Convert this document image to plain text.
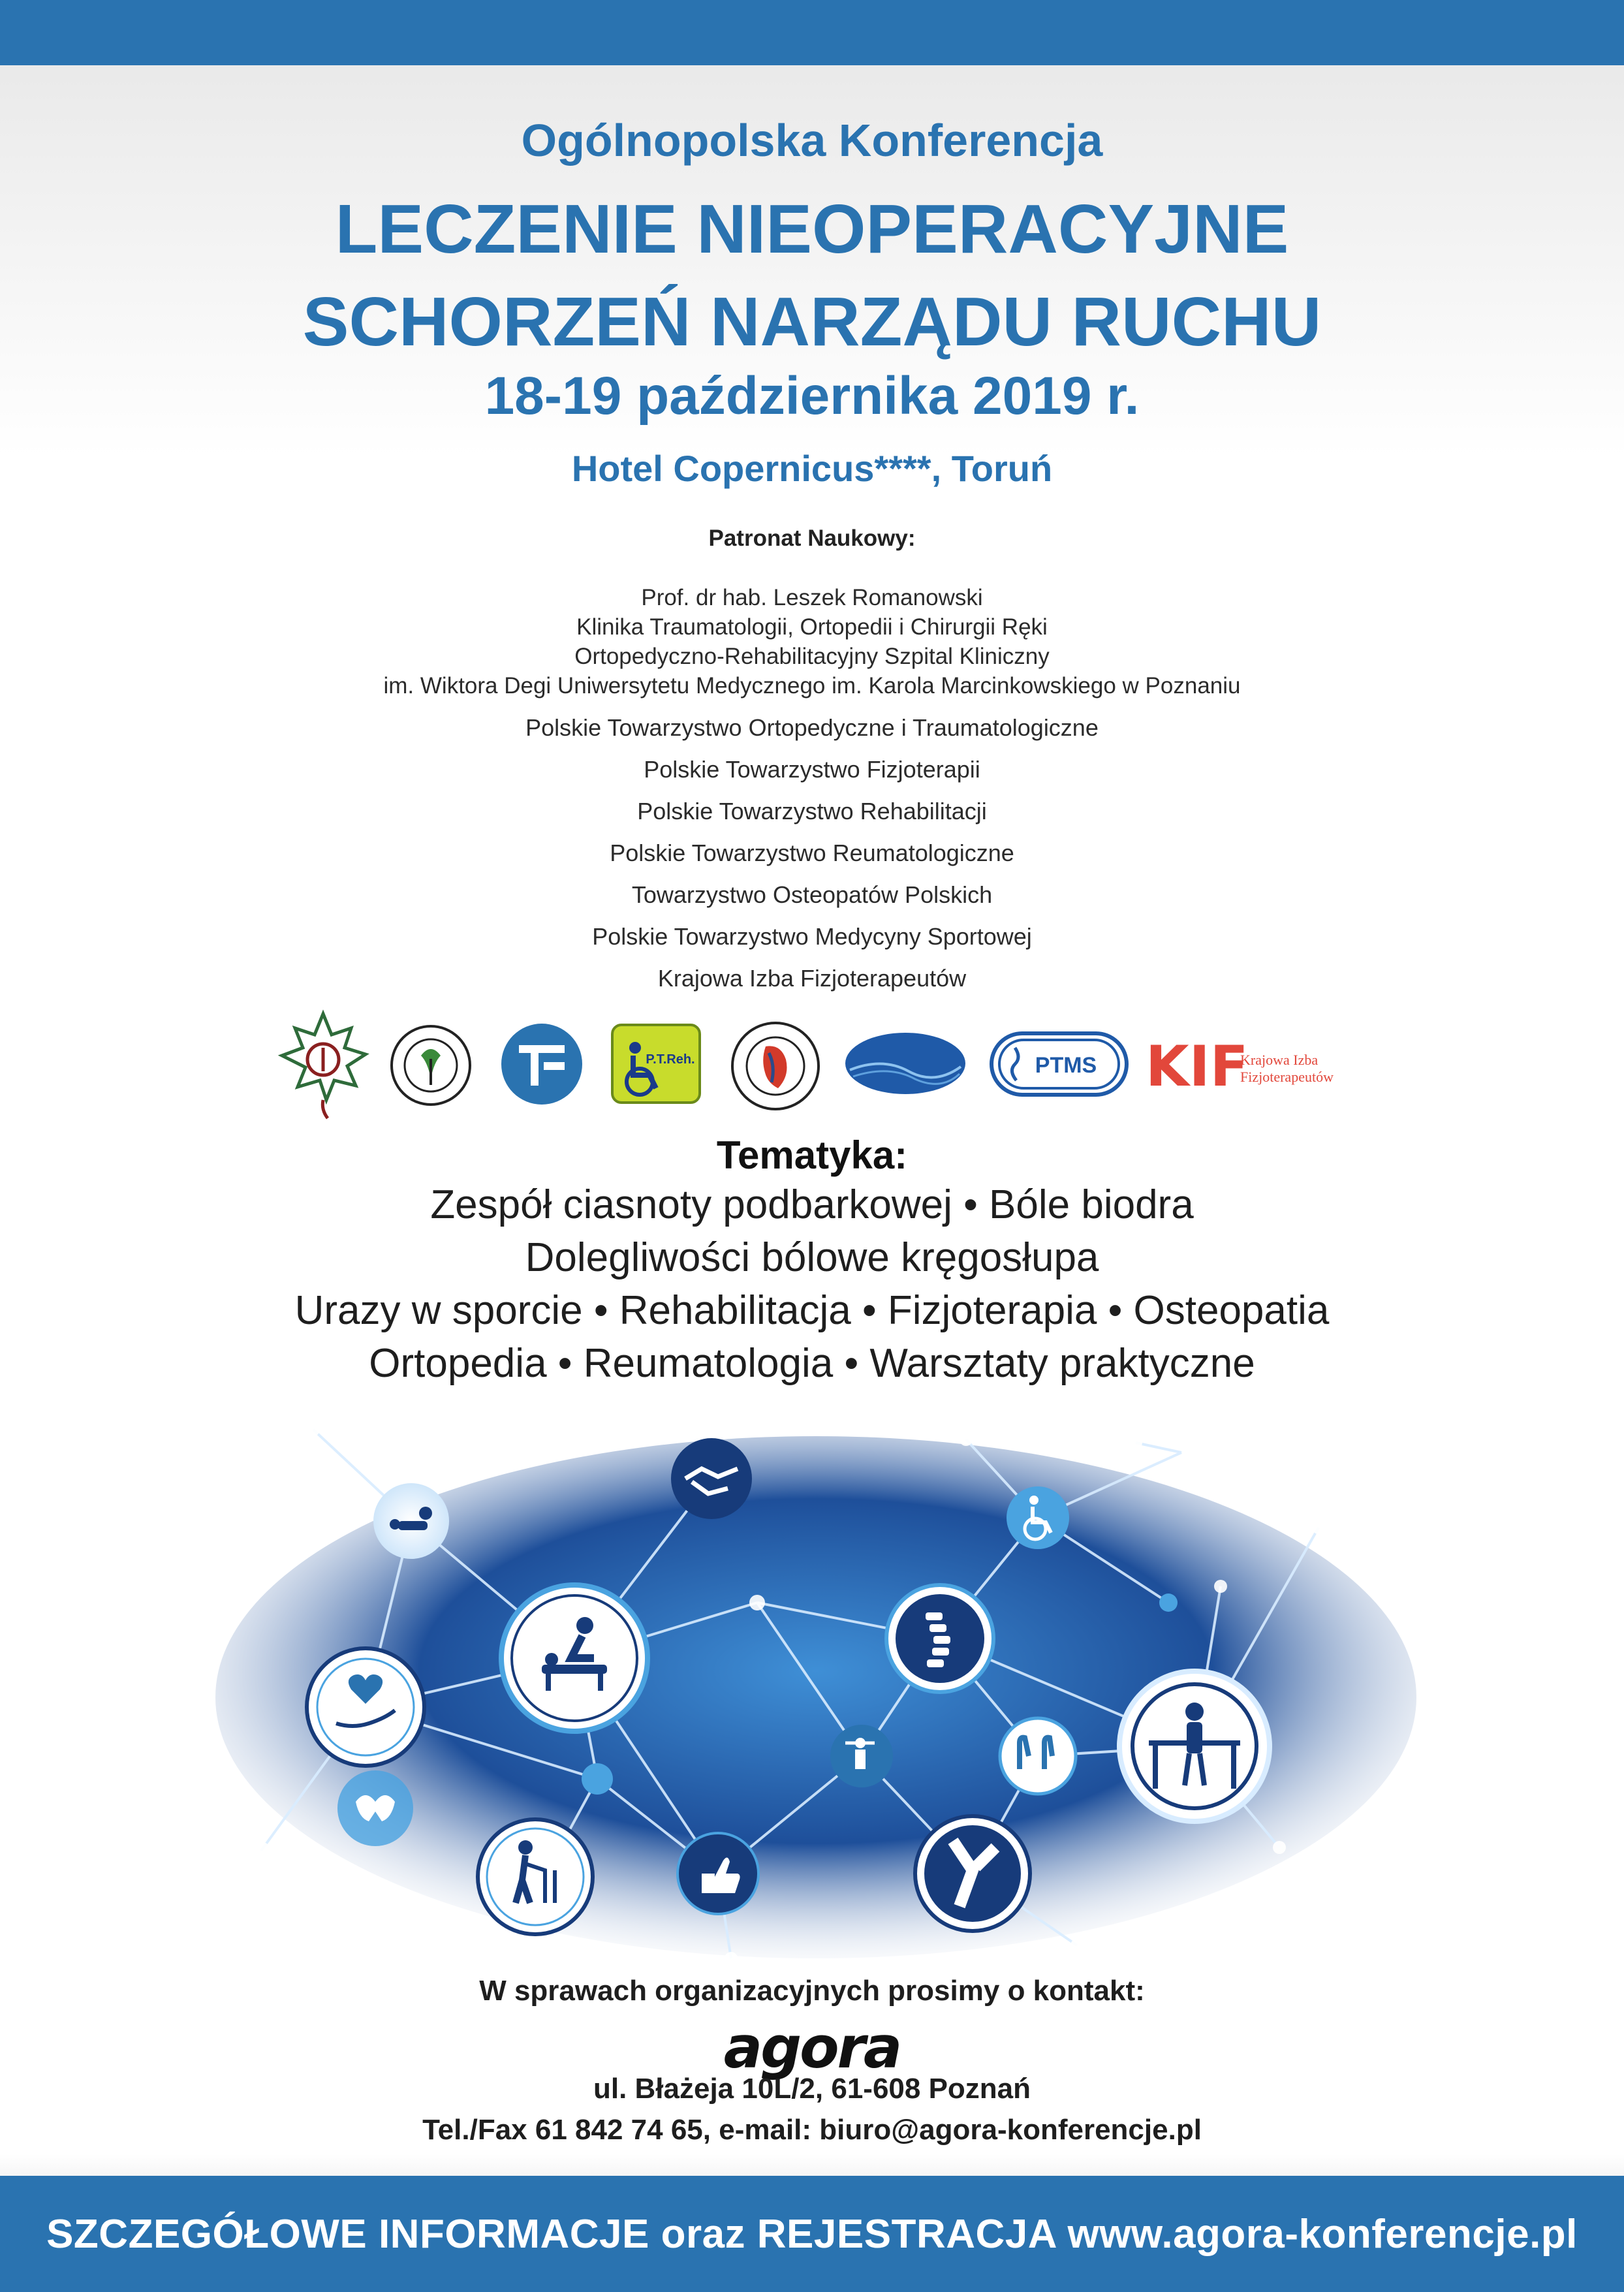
Ogólnopolska Konferencja
LECZENIE NIEOPERACYJNE
SCHORZEŃ NARZĄDU RUCHU
18-19 października 2019 r.
Hotel Copernicus****, Toruń
Patronat Naukowy:
Prof. dr hab. Leszek Romanowski
Klinika Traumatologii, Ortopedii i Chirurgii Ręki
Ortopedyczno-Rehabilitacyjny Szpital Kliniczny
im. Wiktora Degi Uniwersytetu Medycznego im. Karola Marcinkowskiego w Poznaniu
Polskie Towarzystwo Ortopedyczne i Traumatologiczne
Polskie Towarzystwo Fizjoterapii
Polskie Towarzystwo Rehabilitacji
Polskie Towarzystwo Reumatologiczne
Towarzystwo Osteopatów Polskich
Polskie Towarzystwo Medycyny Sportowej
Krajowa Izba Fizjoterapeutów
P.T.Reh.	PTMS KIF
Krajowa Izba
Fizjoterapeutów
Tematyka:
Zespół ciasnoty podbarkowej • Bóle biodra
Dolegliwości bólowe kręgosłupa
Urazy w sporcie • Rehabilitacja • Fizjoterapia • Osteopatia
Ortopedia • Reumatologia • Warsztaty praktyczne
W sprawach organizacyjnych prosimy o kontakt:
agora
ul. Błażeja 10L/2, 61-608 Poznań
Tel./Fax 61 842 74 65, e-mail: biuro@agora-konferencje.pl
SZCZEGÓŁOWE INFORMACJE oraz REJESTRACJA www.agora-konferencje.pl
